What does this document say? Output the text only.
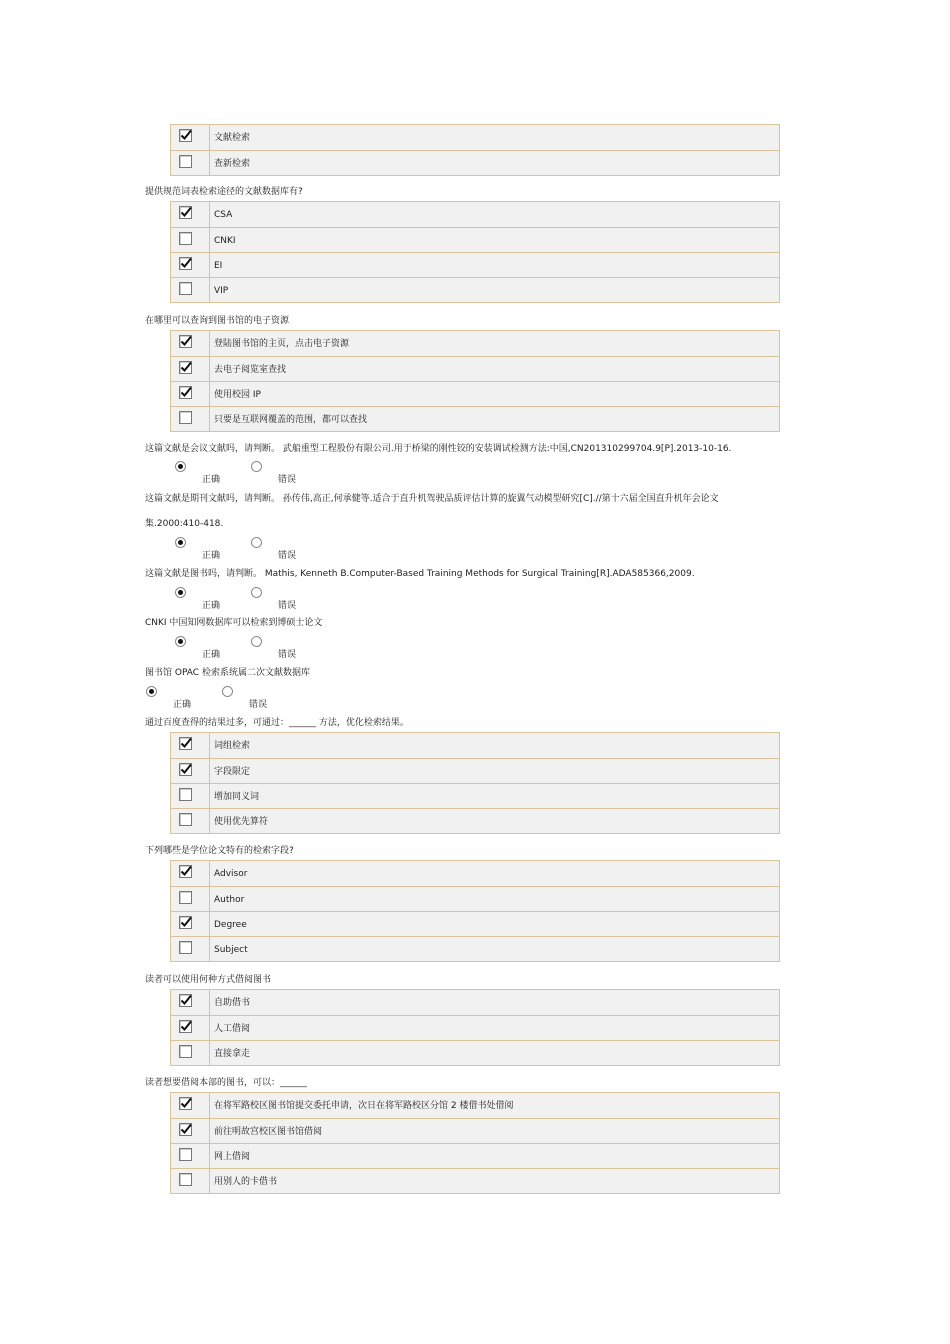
文献检索
查新检索
提供规范词表检索途径的文献数据库有?
CSA
CNKI
EI
VIP
在哪里可以查询到图书馆的电子资源
登陆图书馆的主页，点击电子资源
去电子阅览室查找
使用校园 IP
只要是互联网覆盖的范围，都可以查找
这篇文献是会议文献吗，请判断。 武船重型工程股份有限公司.用于桥梁的刚性铰的安装调试检测方法:中国,CN201310299704.9[P].2013-10-16.
正确	错误
这篇文献是期刊文献吗，请判断。 孙传伟,高正,何承健等.适合于直升机驾驶品质评估计算的旋翼气动模型研究[C].//第十六届全国直升机年会论文
集.2000:410-418.
正确	错误
这篇文献是图书吗，请判断。 Mathis, Kenneth B.Computer-Based Training Methods for Surgical Training[R].ADA585366,2009.
正确	错误
CNKI 中国知网数据库可以检索到博硕士论文
正确	错误
图书馆 OPAC 检索系统属二次文献数据库
正确	错误
通过百度查得的结果过多，可通过：______ 方法，优化检索结果。
词组检索
字段限定
增加同义词
使用优先算符
下列哪些是学位论文特有的检索字段?
Advisor
Author
Degree
Subject
读者可以使用何种方式借阅图书
自助借书
人工借阅
直接拿走
读者想要借阅本部的图书，可以：______
在将军路校区图书馆提交委托申请，次日在将军路校区分馆 2 楼借书处借阅
前往明故宫校区图书馆借阅
网上借阅
用别人的卡借书
